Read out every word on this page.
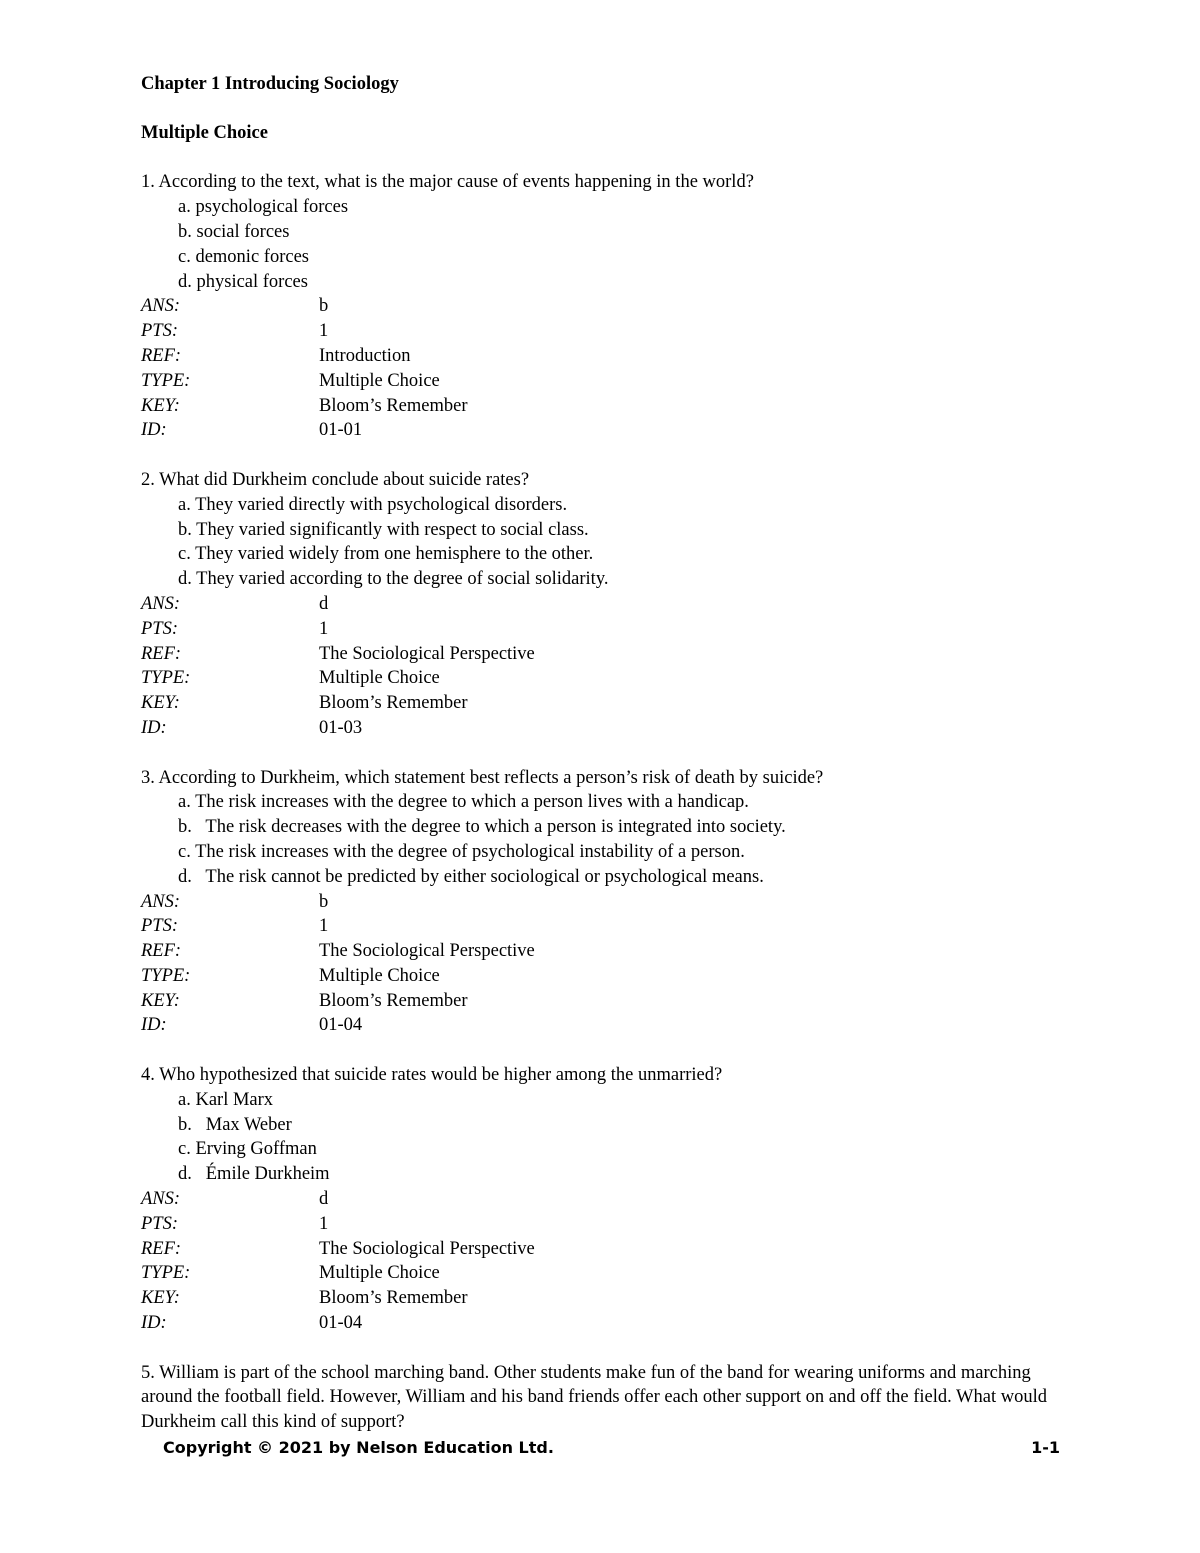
Chapter 1 Introducing Sociology
Multiple Choice

1. According to the text, what is the major cause of events happening in the world?

a. psychological forces
b. social forces
c. demonic forces
d. physical forces
ANS:	b
PTS:	1
REF:	Introduction
TYPE:	Multiple Choice
KEY:	Bloom’s Remember
ID:	01-01

2. What did Durkheim conclude about suicide rates?

a. They varied directly with psychological disorders.
b. They varied significantly with respect to social class.
c. They varied widely from one hemisphere to the other.
d. They varied according to the degree of social solidarity.
ANS:	d
PTS:	1
REF:	The Sociological Perspective
TYPE:	Multiple Choice
KEY:	Bloom’s Remember
ID:	01-03

3. According to Durkheim, which statement best reflects a person’s risk of death by suicide?

a. The risk increases with the degree to which a person lives with a handicap.
b.   The risk decreases with the degree to which a person is integrated into society.
c. The risk increases with the degree of psychological instability of a person.
d.   The risk cannot be predicted by either sociological or psychological means.
ANS:	b
PTS:	1
REF:	The Sociological Perspective
TYPE:	Multiple Choice
KEY:	Bloom’s Remember
ID:	01-04

4. Who hypothesized that suicide rates would be higher among the unmarried?

a. Karl Marx
b.   Max Weber
c. Erving Goffman
d.   Émile Durkheim
ANS:	d
PTS:	1
REF:	The Sociological Perspective
TYPE:	Multiple Choice
KEY:	Bloom’s Remember
ID:	01-04

5. William is part of the school marching band. Other students make fun of the band for wearing uniforms and marching around the football field. However, William and his band friends offer each other support on and off the field. What would Durkheim call this kind of support?

Copyright © 2021 by Nelson Education Ltd.	1-1
